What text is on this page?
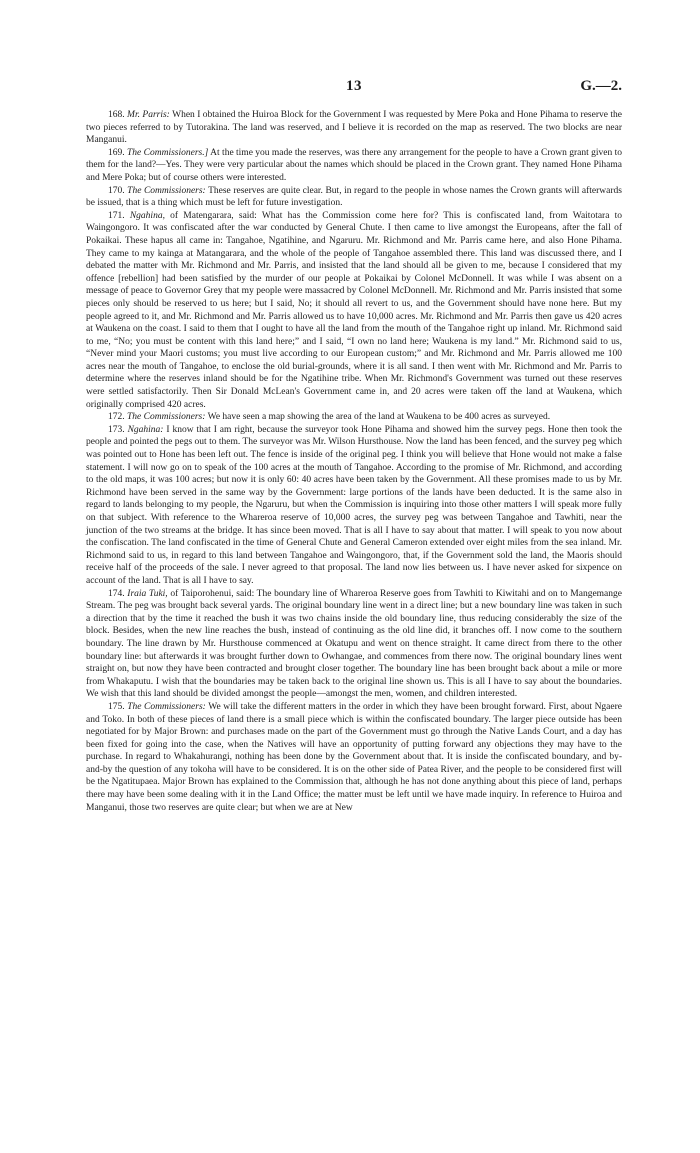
13	G.—2.

168. Mr. Parris: When I obtained the Huiroa Block for the Government I was requested by Mere Poka and Hone Pihama to reserve the two pieces referred to by Tutorakina. The land was reserved, and I believe it is recorded on the map as reserved. The two blocks are near Manganui.

169. The Commissioners.] At the time you made the reserves, was there any arrangement for the people to have a Crown grant given to them for the land?—Yes. They were very particular about the names which should be placed in the Crown grant. They named Hone Pihama and Mere Poka; but of course others were interested.

170. The Commissioners: These reserves are quite clear. But, in regard to the people in whose names the Crown grants will afterwards be issued, that is a thing which must be left for future investigation.

171. Ngahina, of Matengarara, said: What has the Commission come here for? This is confiscated land, from Waitotara to Waingongoro. It was confiscated after the war conducted by General Chute. I then came to live amongst the Europeans, after the fall of Pokaikai. These hapus all came in: Tangahoe, Ngatihine, and Ngaruru. Mr. Richmond and Mr. Parris came here, and also Hone Pihama. They came to my kainga at Matangarara, and the whole of the people of Tangahoe assembled there. This land was discussed there, and I debated the matter with Mr. Richmond and Mr. Parris, and insisted that the land should all be given to me, because I considered that my offence [rebellion] had been satisfied by the murder of our people at Pokaikai by Colonel McDonnell. It was while I was absent on a message of peace to Governor Grey that my people were massacred by Colonel McDonnell. Mr. Richmond and Mr. Parris insisted that some pieces only should be reserved to us here; but I said, No; it should all revert to us, and the Government should have none here. But my people agreed to it, and Mr. Richmond and Mr. Parris allowed us to have 10,000 acres. Mr. Richmond and Mr. Parris then gave us 420 acres at Waukena on the coast. I said to them that I ought to have all the land from the mouth of the Tangahoe right up inland. Mr. Richmond said to me, “No; you must be content with this land here;” and I said, “I own no land here; Waukena is my land.” Mr. Richmond said to us, “Never mind your Maori customs; you must live according to our European custom;” and Mr. Richmond and Mr. Parris allowed me 100 acres near the mouth of Tangahoe, to enclose the old burial-grounds, where it is all sand. I then went with Mr. Richmond and Mr. Parris to determine where the reserves inland should be for the Ngatihine tribe. When Mr. Richmond's Government was turned out these reserves were settled satisfactorily. Then Sir Donald McLean's Government came in, and 20 acres were taken off the land at Waukena, which originally comprised 420 acres.

172. The Commissioners: We have seen a map showing the area of the land at Waukena to be 400 acres as surveyed.

173. Ngahina: I know that I am right, because the surveyor took Hone Pihama and showed him the survey pegs. Hone then took the people and pointed the pegs out to them. The surveyor was Mr. Wilson Hursthouse. Now the land has been fenced, and the survey peg which was pointed out to Hone has been left out. The fence is inside of the original peg. I think you will believe that Hone would not make a false statement. I will now go on to speak of the 100 acres at the mouth of Tangahoe. According to the promise of Mr. Richmond, and according to the old maps, it was 100 acres; but now it is only 60: 40 acres have been taken by the Government. All these promises made to us by Mr. Richmond have been served in the same way by the Government: large portions of the lands have been deducted. It is the same also in regard to lands belonging to my people, the Ngaruru, but when the Commission is inquiring into those other matters I will speak more fully on that subject. With reference to the Whareroa reserve of 10,000 acres, the survey peg was between Tangahoe and Tawhiti, near the junction of the two streams at the bridge. It has since been moved. That is all I have to say about that matter. I will speak to you now about the confiscation. The land confiscated in the time of General Chute and General Cameron extended over eight miles from the sea inland. Mr. Richmond said to us, in regard to this land between Tangahoe and Waingongoro, that, if the Government sold the land, the Maoris should receive half of the proceeds of the sale. I never agreed to that proposal. The land now lies between us. I have never asked for sixpence on account of the land. That is all I have to say.

174. Iraia Tuki, of Taiporohenui, said: The boundary line of Whareroa Reserve goes from Tawhiti to Kiwitahi and on to Mangemange Stream. The peg was brought back several yards. The original boundary line went in a direct line; but a new boundary line was taken in such a direction that by the time it reached the bush it was two chains inside the old boundary line, thus reducing considerably the size of the block. Besides, when the new line reaches the bush, instead of continuing as the old line did, it branches off. I now come to the southern boundary. The line drawn by Mr. Hursthouse commenced at Okatupu and went on thence straight. It came direct from there to the other boundary line: but afterwards it was brought further down to Owhangae, and commences from there now. The original boundary lines went straight on, but now they have been contracted and brought closer together. The boundary line has been brought back about a mile or more from Whakaputu. I wish that the boundaries may be taken back to the original line shown us. This is all I have to say about the boundaries. We wish that this land should be divided amongst the people—amongst the men, women, and children interested.

175. The Commissioners: We will take the different matters in the order in which they have been brought forward. First, about Ngaere and Toko. In both of these pieces of land there is a small piece which is within the confiscated boundary. The larger piece outside has been negotiated for by Major Brown: and purchases made on the part of the Government must go through the Native Lands Court, and a day has been fixed for going into the case, when the Natives will have an opportunity of putting forward any objections they may have to the purchase. In regard to Whakahurangi, nothing has been done by the Government about that. It is inside the confiscated boundary, and by-and-by the question of any tokoha will have to be considered. It is on the other side of Patea River, and the people to be considered first will be the Ngatitupaea. Major Brown has explained to the Commission that, although he has not done anything about this piece of land, perhaps there may have been some dealing with it in the Land Office; the matter must be left until we have made inquiry. In reference to Huiroa and Manganui, those two reserves are quite clear; but when we are at New
